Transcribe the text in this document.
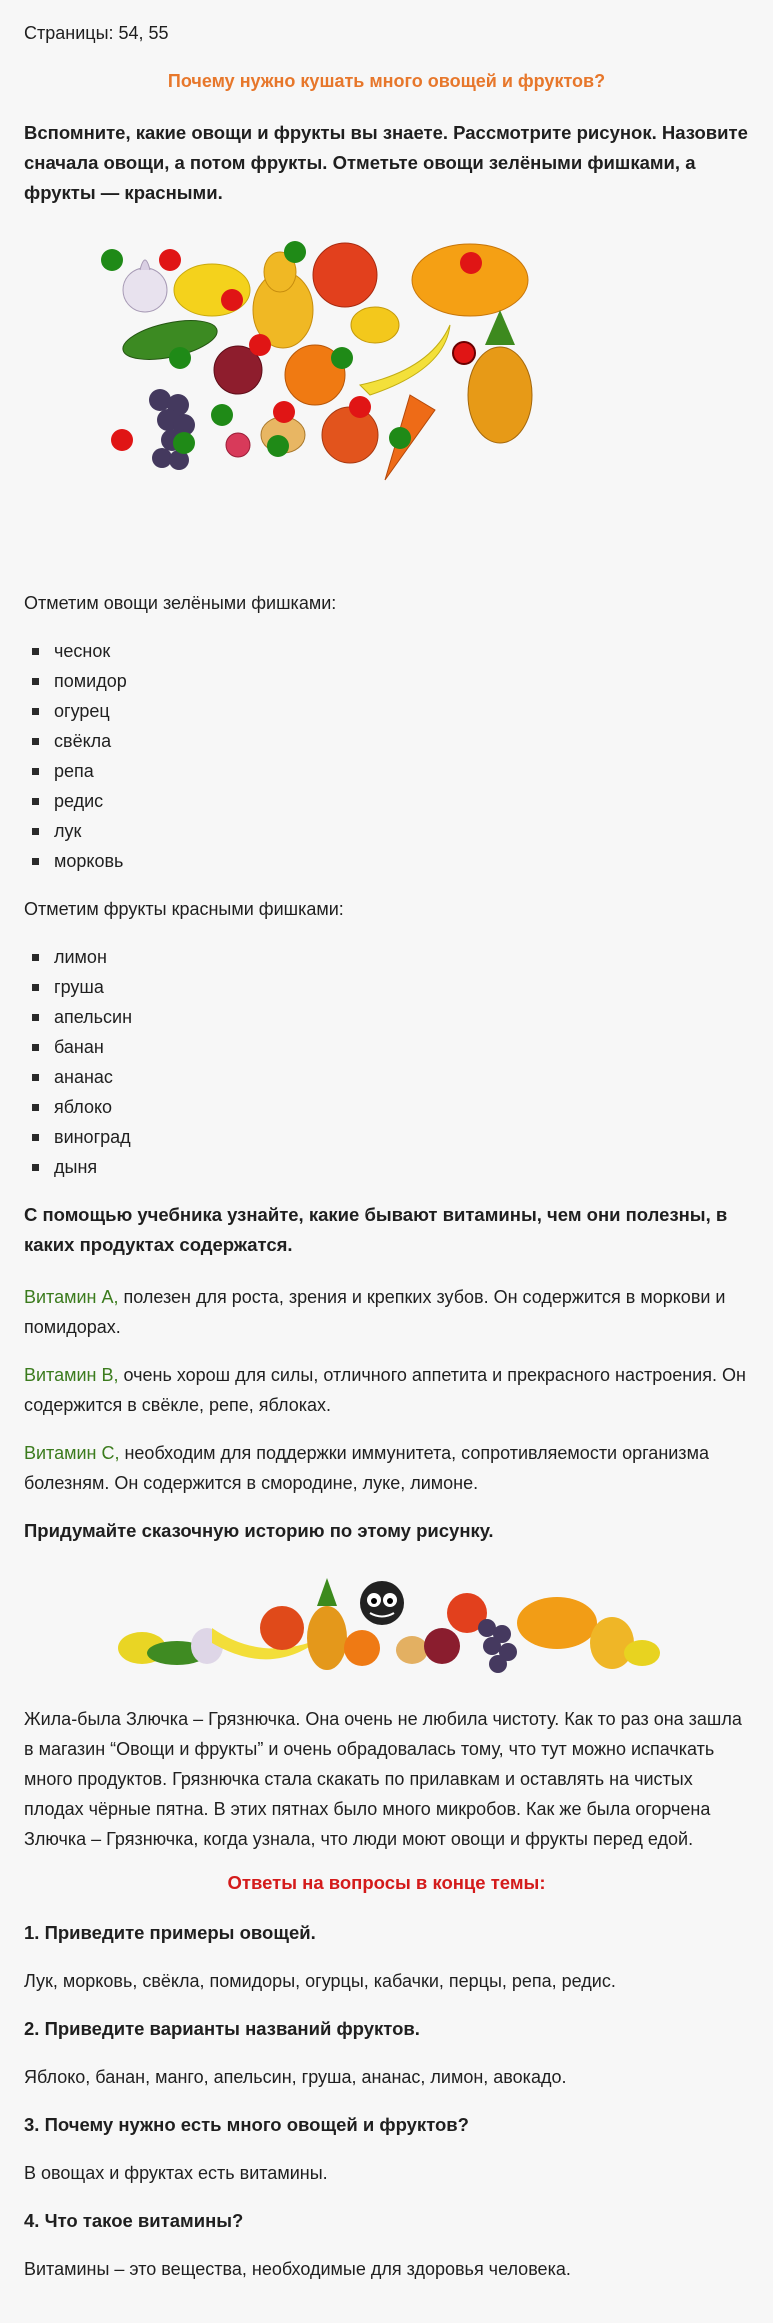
Страницы: 54, 55
Почему нужно кушать много овощей и фруктов?
Вспомните, какие овощи и фрукты вы знаете. Рассмотрите рисунок. Назовите сначала овощи, а потом фрукты. Отметьте овощи зелёными фишками, а фрукты — красными.
Отметим овощи зелёными фишками:
чеснок
помидор
огурец
свёкла
репа
редис
лук
морковь
Отметим фрукты красными фишками:
лимон
груша
апельсин
банан
ананас
яблоко
виноград
дыня
С помощью учебника узнайте, какие бывают витамины, чем они полезны, в каких продуктах содержатся.
Витамин А, полезен для роста, зрения и крепких зубов. Он содержится в моркови и помидорах.
Витамин В, очень хорош для силы, отличного аппетита и прекрасного настроения. Он содержится в свёкле, репе, яблоках.
Витамин С, необходим для поддержки иммунитета, сопротивляемости организма болезням. Он содержится в смородине, луке, лимоне.
Придумайте сказочную историю по этому рисунку.
Жила-была Злючка – Грязнючка. Она очень не любила чистоту. Как то раз она зашла в магазин “Овощи и фрукты” и очень обрадовалась тому, что тут можно испачкать много продуктов. Грязнючка стала скакать по прилавкам и оставлять на чистых плодах чёрные пятна. В этих пятнах было много микробов. Как же была огорчена Злючка – Грязнючка, когда узнала, что люди моют овощи и фрукты перед едой.
Ответы на вопросы в конце темы:
1. Приведите примеры овощей.
Лук, морковь, свёкла, помидоры, огурцы, кабачки, перцы, репа, редис.
2. Приведите варианты названий фруктов.
Яблоко, банан, манго, апельсин, груша, ананас, лимон, авокадо.
3. Почему нужно есть много овощей и фруктов?
В овощах и фруктах есть витамины.
4. Что такое витамины?
Витамины – это вещества, необходимые для здоровья человека.
